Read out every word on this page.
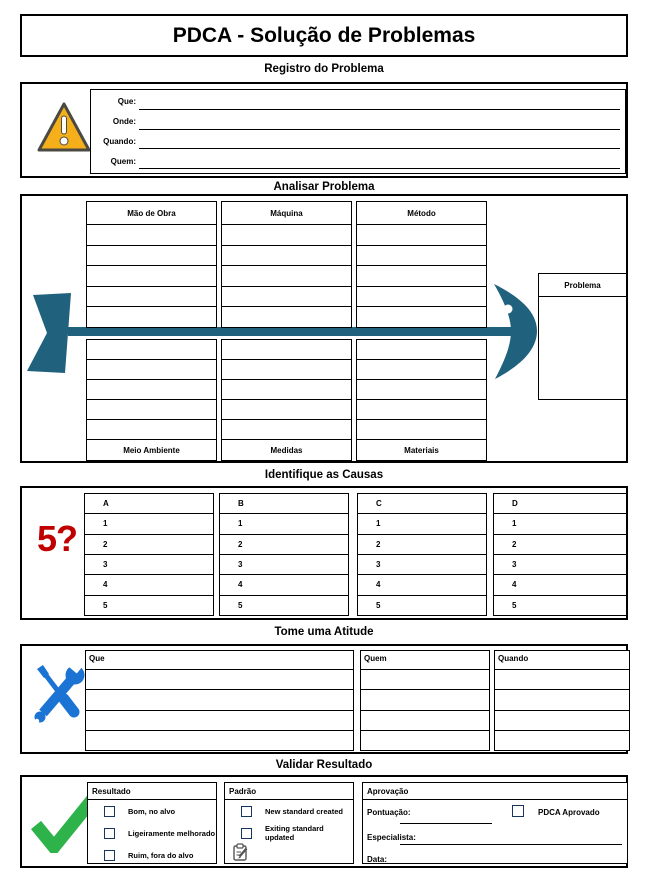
PDCA - Solução de Problemas
Registro do Problema
Que:
Onde:
Quando:
Quem:
Analisar Problema
Mão de Obra	Máquina	Método
Meio Ambiente	Medidas	Materiais
Problema
Identifique as Causas
5?
A
1
2
3
4
5
B
1
2
3
4
5
C
1
2
3
4
5
D
1
2
3
4
5
Tome uma Atitude
Que	Quem	Quando
Validar Resultado
Resultado
Bom, no alvo
Ligeiramente melhorado
Ruim, fora do alvo
Padrão
New standard created
Exiting standard updated
Aprovação
Pontuação:	PDCA Aprovado
Especialista:
Data:
